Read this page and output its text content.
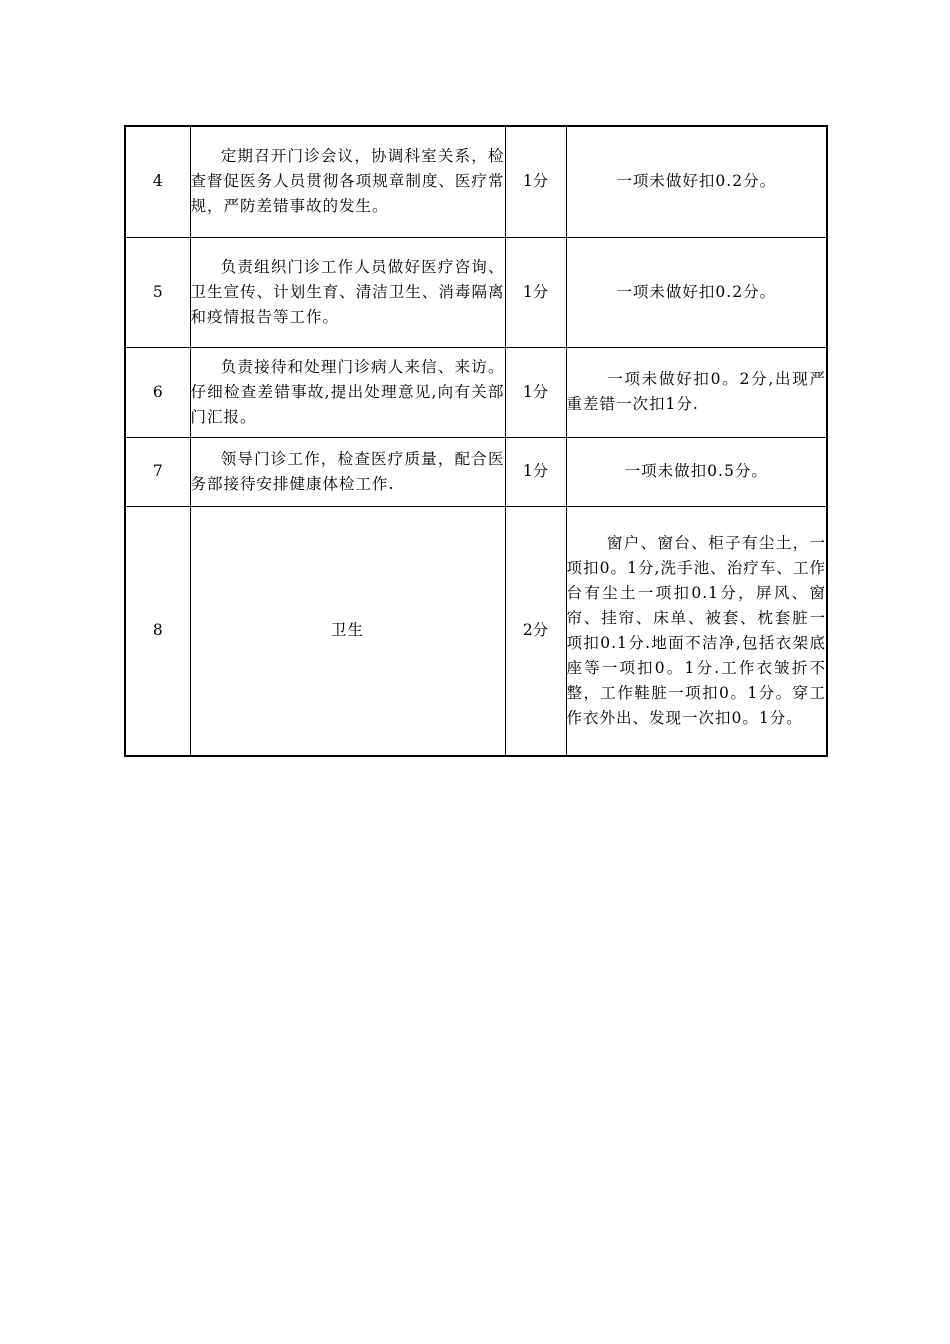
4	定期召开门诊会议，协调科室关系，检查督促医务人员贯彻各项规章制度、医疗常规，严防差错事故的发生。	1分	一项未做好扣0.2分。
5	负责组织门诊工作人员做好医疗咨询、卫生宣传、计划生育、清洁卫生、消毒隔离和疫情报告等工作。	1分	一项未做好扣0.2分。
6	负责接待和处理门诊病人来信、来访。仔细检查差错事故,提出处理意见,向有关部门汇报。	1分	一项未做好扣0。2分,出现严重差错一次扣1分.
7	领导门诊工作，检查医疗质量，配合医务部接待安排健康体检工作.	1分	一项未做扣0.5分。
8	卫生	2分	窗户、窗台、柜子有尘土，一项扣0。1分,洗手池、治疗车、工作台有尘土一项扣0.1分，屏风、窗帘、挂帘、床单、被套、枕套脏一项扣0.1分.地面不洁净,包括衣架底座等一项扣0。1分.工作衣皱折不整，工作鞋脏一项扣0。1分。穿工作衣外出、发现一次扣0。1分。
